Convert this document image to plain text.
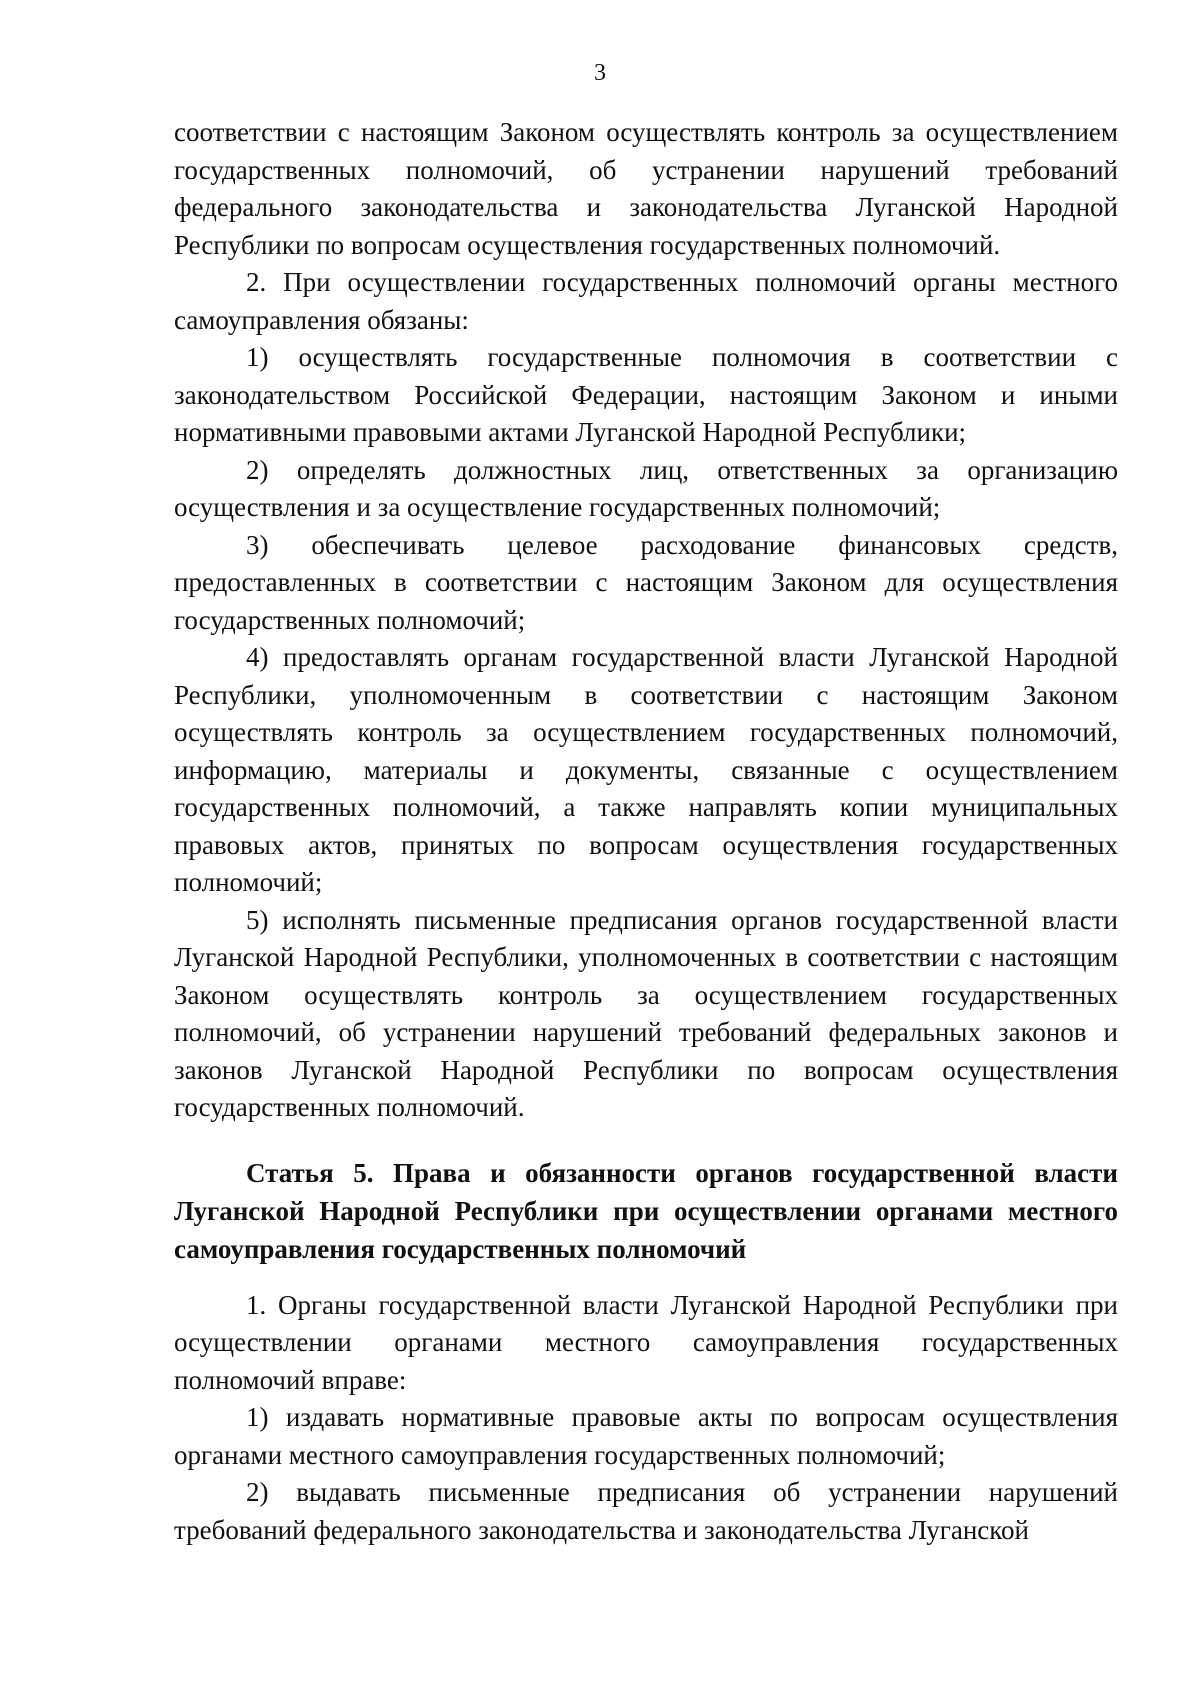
3

соответствии с настоящим Законом осуществлять контроль за осуществлением государственных полномочий, об устранении нарушений требований федерального законодательства и законодательства Луганской Народной Республики по вопросам осуществления государственных полномочий.

2. При осуществлении государственных полномочий органы местного самоуправления обязаны:

1) осуществлять государственные полномочия в соответствии с законодательством Российской Федерации, настоящим Законом и иными нормативными правовыми актами Луганской Народной Республики;

2) определять должностных лиц, ответственных за организацию осуществления и за осуществление государственных полномочий;

3) обеспечивать целевое расходование финансовых средств, предоставленных в соответствии с настоящим Законом для осуществления государственных полномочий;

4) предоставлять органам государственной власти Луганской Народной Республики, уполномоченным в соответствии с настоящим Законом осуществлять контроль за осуществлением государственных полномочий, информацию, материалы и документы, связанные с осуществлением государственных полномочий, а также направлять копии муниципальных правовых актов, принятых по вопросам осуществления государственных полномочий;

5) исполнять письменные предписания органов государственной власти Луганской Народной Республики, уполномоченных в соответствии с настоящим Законом осуществлять контроль за осуществлением государственных полномочий, об устранении нарушений требований федеральных законов и законов Луганской Народной Республики по вопросам осуществления государственных полномочий.

Статья 5. Права и обязанности органов государственной власти Луганской Народной Республики при осуществлении органами местного самоуправления государственных полномочий

1. Органы государственной власти Луганской Народной Республики при осуществлении органами местного самоуправления государственных полномочий вправе:

1) издавать нормативные правовые акты по вопросам осуществления органами местного самоуправления государственных полномочий;

2) выдавать письменные предписания об устранении нарушений требований федерального законодательства и законодательства Луганской
